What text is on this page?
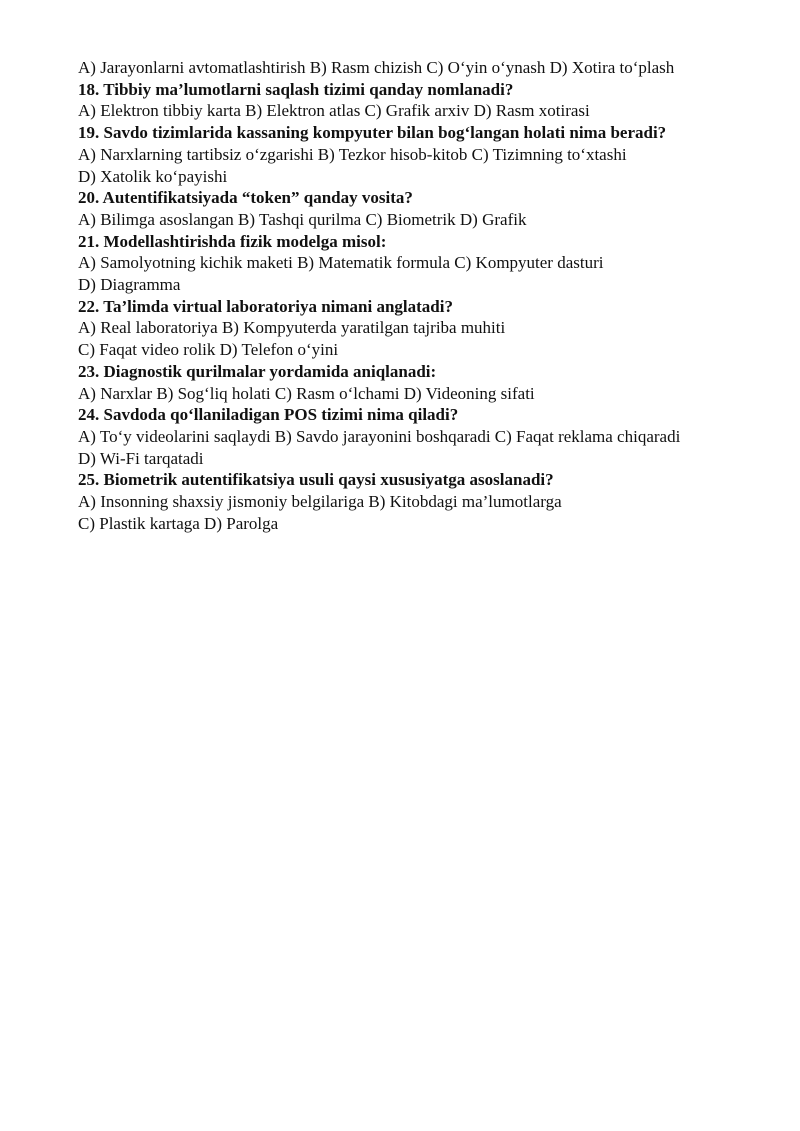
A) Jarayonlarni avtomatlashtirish B) Rasm chizish C) O‘yin o‘ynash D) Xotira to‘plash
18. Tibbiy ma’lumotlarni saqlash tizimi qanday nomlanadi?
A) Elektron tibbiy karta B) Elektron atlas C) Grafik arxiv D) Rasm xotirasi
19. Savdo tizimlarida kassaning kompyuter bilan bog‘langan holati nima beradi?
A) Narxlarning tartibsiz o‘zgarishi B) Tezkor hisob-kitob C) Tizimning to‘xtashi
D) Xatolik ko‘payishi
20. Autentifikatsiyada “token” qanday vosita?
A) Bilimga asoslangan B) Tashqi qurilma C) Biometrik D) Grafik
21. Modellashtirishda fizik modelga misol:
A) Samolyotning kichik maketi B) Matematik formula C) Kompyuter dasturi
D) Diagramma
22. Ta’limda virtual laboratoriya nimani anglatadi?
A) Real laboratoriya B) Kompyuterda yaratilgan tajriba muhiti
C) Faqat video rolik D) Telefon o‘yini
23. Diagnostik qurilmalar yordamida aniqlanadi:
A) Narxlar B) Sog‘liq holati C) Rasm o‘lchami D) Videoning sifati
24. Savdoda qo‘llaniladigan POS tizimi nima qiladi?
A) To‘y videolarini saqlaydi B) Savdo jarayonini boshqaradi C) Faqat reklama chiqaradi
D) Wi-Fi tarqatadi
25. Biometrik autentifikatsiya usuli qaysi xususiyatga asoslanadi?
A) Insonning shaxsiy jismoniy belgilariga B) Kitobdagi ma’lumotlarga
C) Plastik kartaga D) Parolga
